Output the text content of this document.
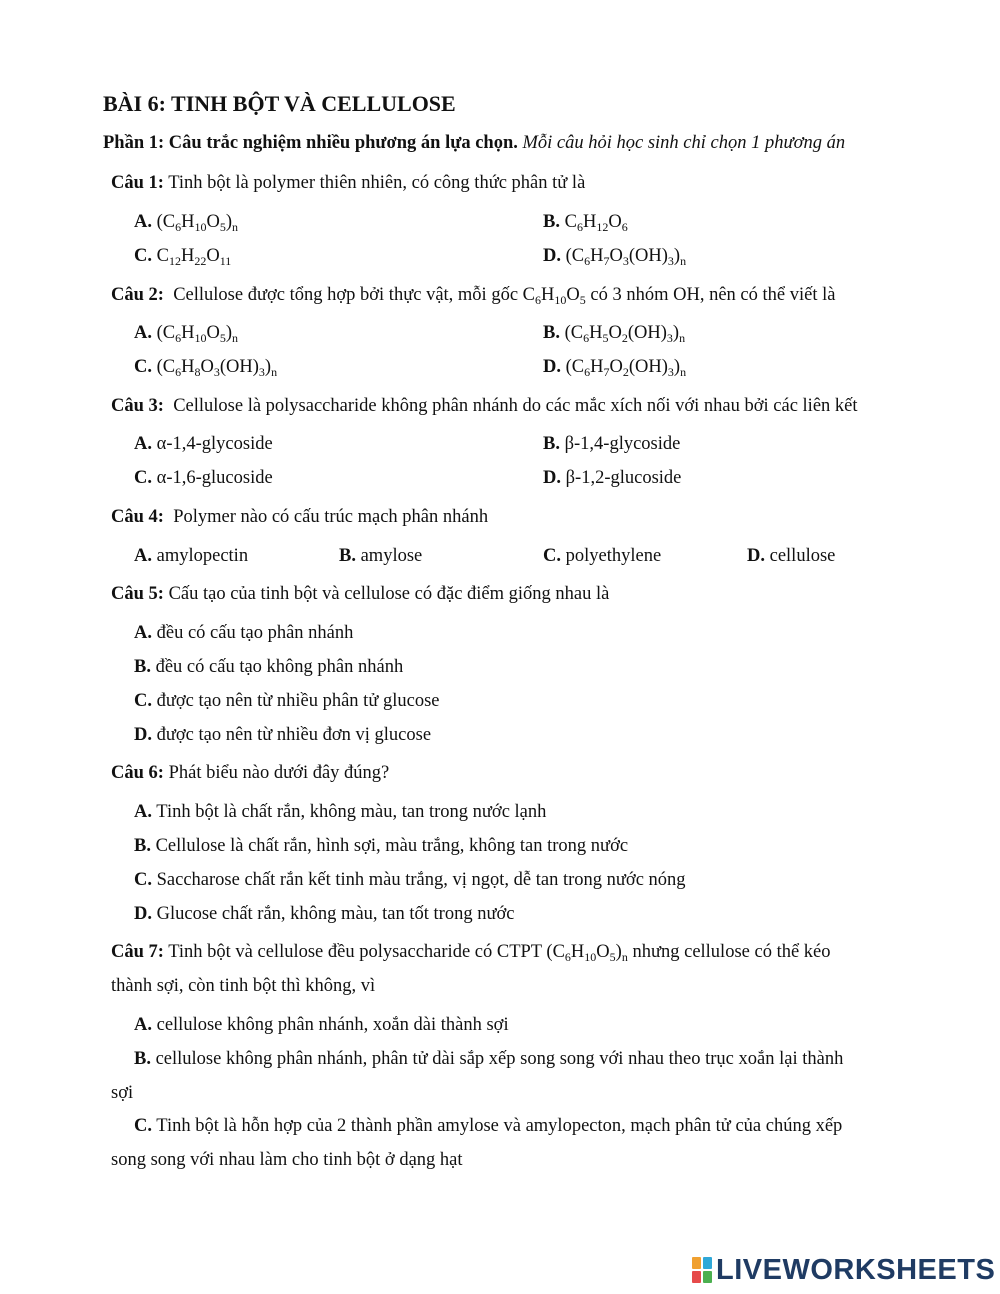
BÀI 6: TINH BỘT VÀ CELLULOSE
Phần 1: Câu trắc nghiệm nhiều phương án lựa chọn. Mỗi câu hỏi học sinh chỉ chọn 1 phương án
Câu 1: Tinh bột là polymer thiên nhiên, có công thức phân tử là
A. $(C_6H_{10}O_5)_n$	B. $C_6H_{12}O_6$
C. $C_{12}H_{22}O_{11}$	D. $(C_6H_7O_3(OH)_3)_n$
Câu 2: Cellulose được tổng hợp bởi thực vật, mỗi gốc $C_6H_{10}O_5$ có 3 nhóm OH, nên có thể viết là
A. $(C_6H_{10}O_5)_n$	B. $(C_6H_5O_2(OH)_3)_n$
C. $(C_6H_8O_3(OH)_3)_n$	D. $(C_6H_7O_2(OH)_3)_n$
Câu 3: Cellulose là polysaccharide không phân nhánh do các mắc xích nối với nhau bởi các liên kết
A. α-1,4-glycoside	B. β-1,4-glycoside
C. α-1,6-glucoside	D. β-1,2-glucoside
Câu 4: Polymer nào có cấu trúc mạch phân nhánh
A. amylopectin	B. amylose	C. polyethylene	D. cellulose
Câu 5: Cấu tạo của tinh bột và cellulose có đặc điểm giống nhau là
A. đều có cấu tạo phân nhánh
B. đều có cấu tạo không phân nhánh
C. được tạo nên từ nhiều phân tử glucose
D. được tạo nên từ nhiều đơn vị glucose
Câu 6: Phát biểu nào dưới đây đúng?
A. Tinh bột là chất rắn, không màu, tan trong nước lạnh
B. Cellulose là chất rắn, hình sợi, màu trắng, không tan trong nước
C. Saccharose chất rắn kết tinh màu trắng, vị ngọt, dễ tan trong nước nóng
D. Glucose chất rắn, không màu, tan tốt trong nước
Câu 7: Tinh bột và cellulose đều polysaccharide có CTPT $(C_6H_{10}O_5)_n$ nhưng cellulose có thể kéo
thành sợi, còn tinh bột thì không, vì
A. cellulose không phân nhánh, xoắn dài thành sợi
B. cellulose không phân nhánh, phân tử dài sắp xếp song song với nhau theo trục xoắn lại thành
sợi
C. Tinh bột là hỗn hợp của 2 thành phần amylose và amylopecton, mạch phân tử của chúng xếp
song song với nhau làm cho tinh bột ở dạng hạt
LIVEWORKSHEETS
